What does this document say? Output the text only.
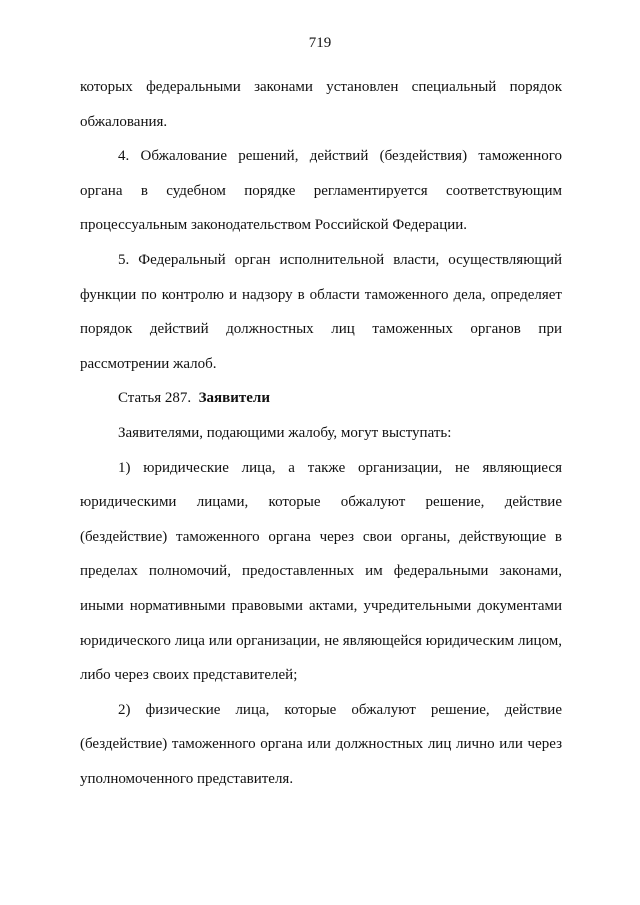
719

которых федеральными законами установлен специальный порядок обжалования.

4. Обжалование решений, действий (бездействия) таможенного органа в судебном порядке регламентируется соответствующим процессуальным законодательством Российской Федерации.

5. Федеральный орган исполнительной власти, осуществляющий функции по контролю и надзору в области таможенного дела, определяет порядок действий должностных лиц таможенных органов при рассмотрении жалоб.

Статья 287. Заявители

Заявителями, подающими жалобу, могут выступать:

1) юридические лица, а также организации, не являющиеся юридическими лицами, которые обжалуют решение, действие (бездействие) таможенного органа через свои органы, действующие в пределах полномочий, предоставленных им федеральными законами, иными нормативными правовыми актами, учредительными документами юридического лица или организации, не являющейся юридическим лицом, либо через своих представителей;

2) физические лица, которые обжалуют решение, действие (бездействие) таможенного органа или должностных лиц лично или через уполномоченного представителя.
